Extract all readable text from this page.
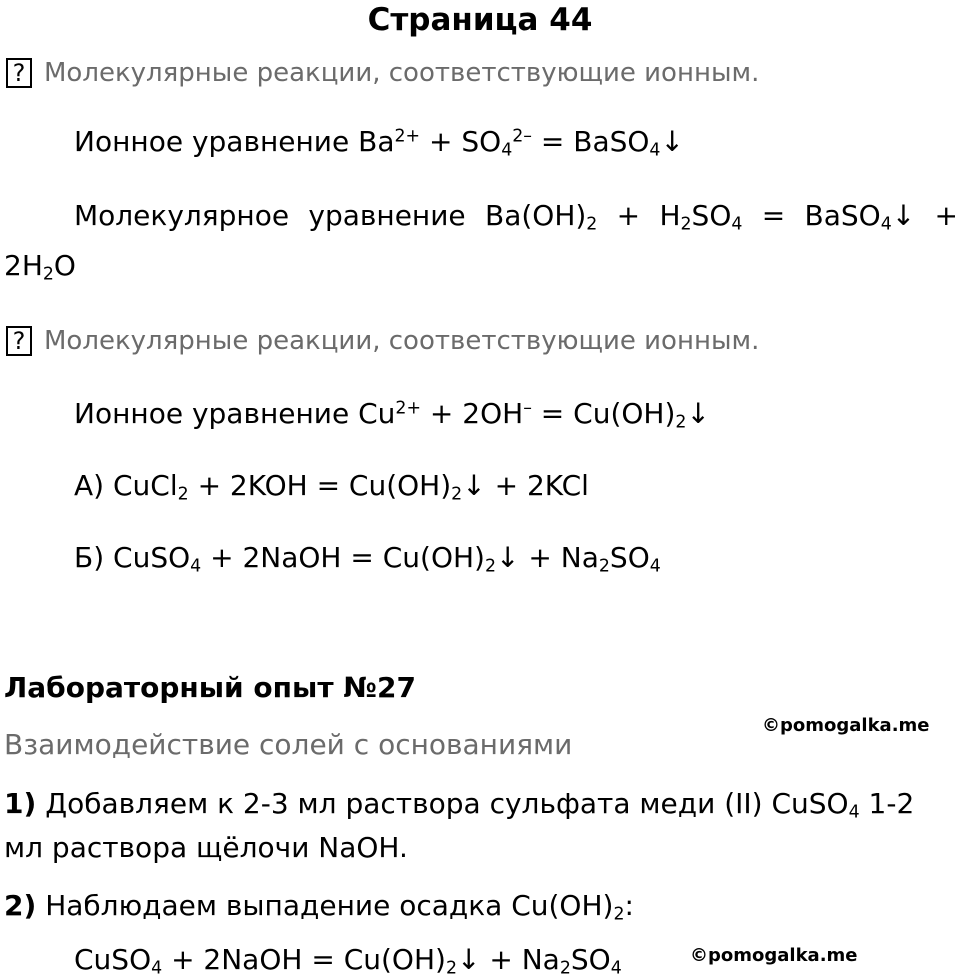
Страница 44
? Молекулярные реакции, соответствующие ионным.
Ионное уравнение $Ba^{2+} + SO_4^{2-}$ = BaSO$_4$↓
Молекулярное уравнение $Ba(OH)_2 + H_2SO_4$ = BaSO$_4$↓ +
$2H_2O$
? Молекулярные реакции, соответствующие ионным.
Ионное уравнение $Cu^{2+} + 2OH^-$ = $Cu(OH)_2↓$
А) CuCl$_2$ + $2KOH = Cu(OH)_2↓ + 2KCl$
Б) CuSO$_4$ + 2NaOH = $Cu(OH)_2↓ + Na_2SO_4$
Лабораторный опыт №27
©pomogalka.me
Взаимодействие солей с основаниями
1) Добавляем к 2-3 мл раствора сульфата меди (II) CuSO$_4$ 1-2
мл раствора щёлочи NaOH.
2) Наблюдаем выпадение осадка $Cu(OH)_2$:
CuSO$_4$ + 2NaOH = $Cu(OH)_2↓ + Na_2SO_4$
©pomogalka.me
